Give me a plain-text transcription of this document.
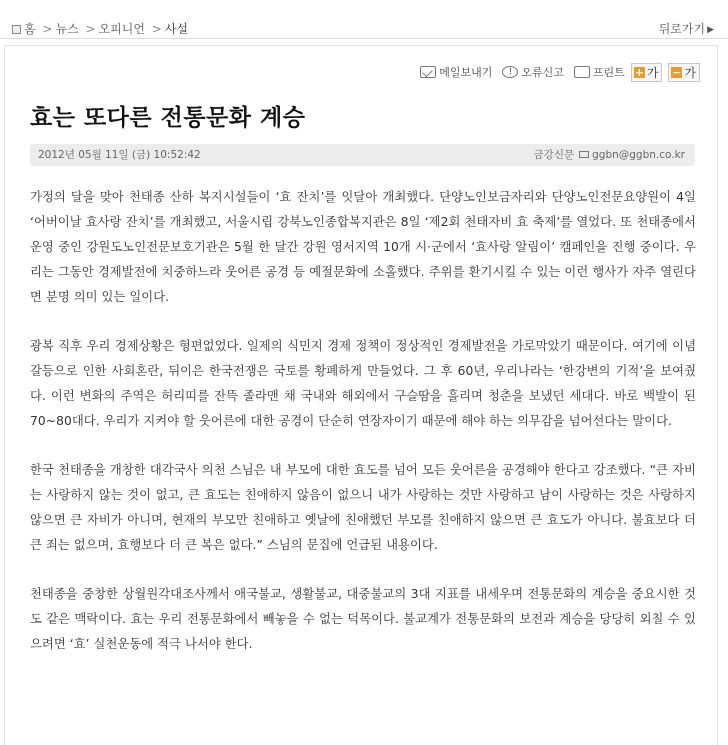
홈 > 뉴스 > 오피니언 > 사설	뒤로가기 ▶
메일보내기	! 오류신고	프린트 + 가 − 가
효는 또다른 전통문화 계승
2012년 05월 11일 (금) 10:52:42	금강신문 ggbn@ggbn.co.kr

가정의 달을 맞아 천태종 산하 복지시설들이 ‘효 잔치’를 잇달아 개최했다. 단양노인보금자리와 단양노인전문요양원이 4일 ‘어버이날 효사랑 잔치’를 개최했고, 서울시립 강북노인종합복지관은 8일 ‘제2회 천태자비 효 축제’를 열었다. 또 천태종에서 운영 중인 강원도노인전문보호기관은 5월 한 달간 강원 영서지역 10개 시·군에서 ‘효사랑 알림이’ 캠페인을 진행 중이다. 우리는 그동안 경제발전에 치중하느라 웃어른 공경 등 예절문화에 소홀했다. 주위를 환기시킬 수 있는 이런 행사가 자주 열린다면 분명 의미 있는 일이다.

광복 직후 우리 경제상황은 형편없었다. 일제의 식민지 경제 정책이 정상적인 경제발전을 가로막았기 때문이다. 여기에 이념 갈등으로 인한 사회혼란, 뒤이은 한국전쟁은 국토를 황폐하게 만들었다. 그 후 60년, 우리나라는 ‘한강변의 기적’을 보여줬다. 이런 변화의 주역은 허리띠를 잔뜩 졸라맨 채 국내와 해외에서 구슬땀을 흘리며 청춘을 보냈던 세대다. 바로 백발이 된 70~80대다. 우리가 지켜야 할 웃어른에 대한 공경이 단순히 연장자이기 때문에 해야 하는 의무감을 넘어선다는 말이다.

한국 천태종을 개창한 대각국사 의천 스님은 내 부모에 대한 효도를 넘어 모든 웃어른을 공경해야 한다고 강조했다. “큰 자비는 사랑하지 않는 것이 없고, 큰 효도는 친애하지 않음이 없으니 내가 사랑하는 것만 사랑하고 남이 사랑하는 것은 사랑하지 않으면 큰 자비가 아니며, 현재의 부모만 친애하고 옛날에 친애했던 부모를 친애하지 않으면 큰 효도가 아니다. 불효보다 더 큰 죄는 없으며, 효행보다 더 큰 복은 없다.” 스님의 문집에 언급된 내용이다.

천태종을 중창한 상월원각대조사께서 애국불교, 생활불교, 대중불교의 3대 지표를 내세우며 전통문화의 계승을 중요시한 것도 같은 맥락이다. 효는 우리 전통문화에서 빼놓을 수 없는 덕목이다. 불교계가 전통문화의 보전과 계승을 당당히 외칠 수 있으려면 ‘효’ 실천운동에 적극 나서야 한다.
